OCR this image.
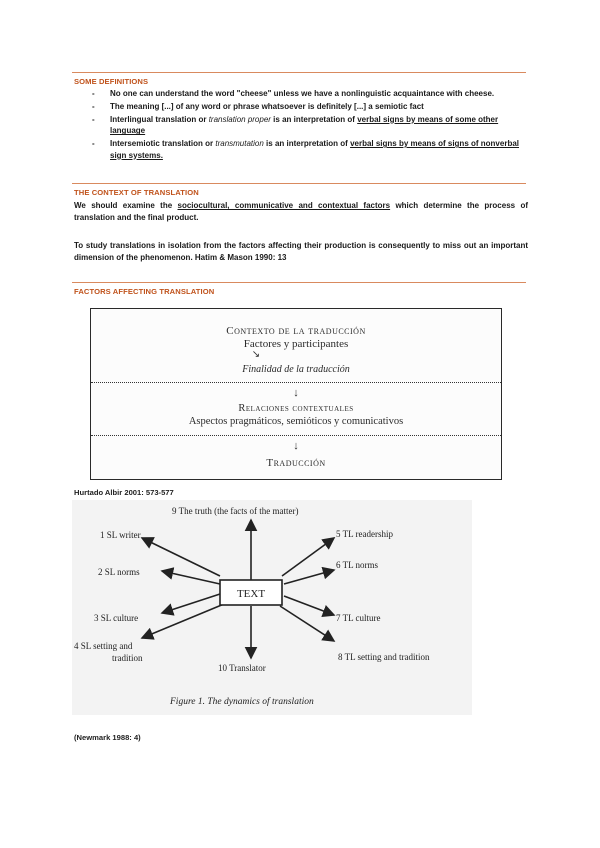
SOME DEFINITIONS
- No one can understand the word "cheese" unless we have a nonlinguistic acquaintance with cheese.
- The meaning [...] of any word or phrase whatsoever is definitely [...] a semiotic fact
- Interlingual translation or translation proper is an interpretation of verbal signs by means of some other language
- Intersemiotic translation or transmutation is an interpretation of verbal signs by means of signs of nonverbal sign systems.
THE CONTEXT OF TRANSLATION

We should examine the sociocultural, communicative and contextual factors which determine the process of translation and the final product.

To study translations in isolation from the factors affecting their production is consequently to miss out an important dimension of the phenomenon. Hatim & Mason 1990: 13

FACTORS AFFECTING TRANSLATION
Contexto de la traducción
Factores y participantes
↘
Finalidad de la traducción
↓
Relaciones contextuales
Aspectos pragmáticos, semióticos y comunicativos
↓
Traducción
Hurtado Albir 2001: 573-577
TEXT
9 The truth (the facts of the matter)
1 SL writer
2 SL norms
3 SL culture
4 SL setting and
tradition
10 Translator
5 TL readership
6 TL norms
7 TL culture
8 TL setting and tradition
Figure 1. The dynamics of translation
(Newmark 1988: 4)
